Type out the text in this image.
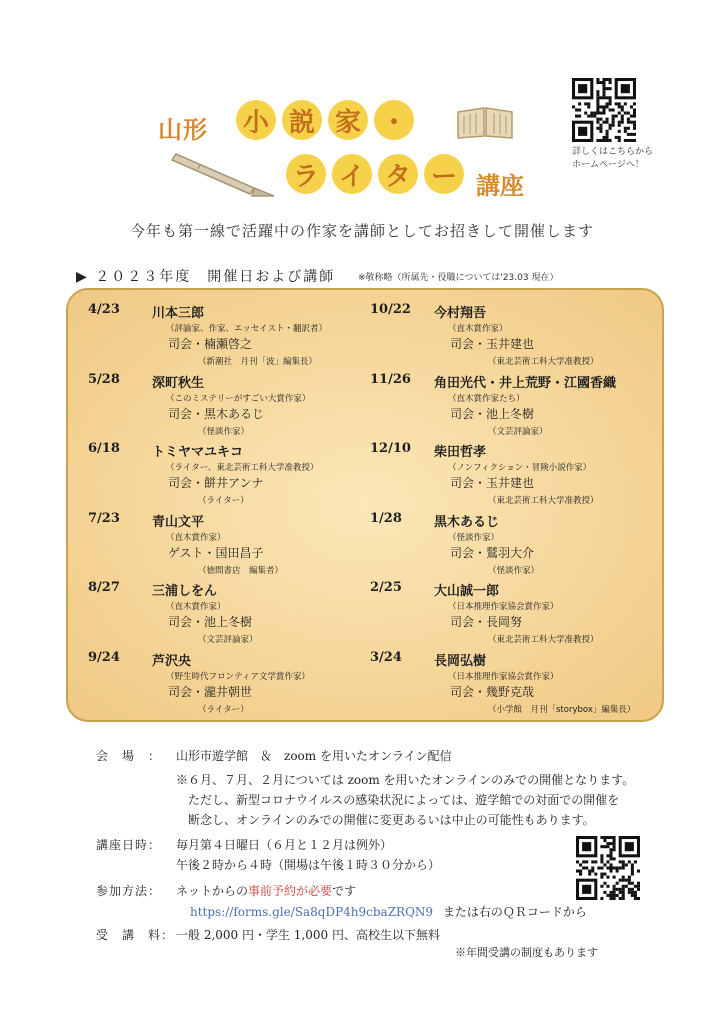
山形 小 説 家 ・
ラ イ タ ー 講座
詳しくはこちらから
ホームページへ！
今年も第一線で活躍中の作家を講師としてお招きして開催します
▶ ２０２３年度　開催日および講師	※敬称略（所属先・役職については'23.03 現在）
4/23 川本三郎
（評論家、作家、エッセイスト・翻訳者）
司会・楠瀬啓之
（新潮社　月刊「波」編集長）
5/28 深町秋生
（このミステリーがすごい大賞作家）
司会・黒木あるじ
（怪談作家）
6/18 トミヤマユキコ
（ライター、東北芸術工科大学准教授）
司会・餅井アンナ
（ライター）
7/23 青山文平
（直木賞作家）
ゲスト・国田昌子
（徳間書店　編集者）
8/27 三浦しをん
（直木賞作家）
司会・池上冬樹
（文芸評論家）
9/24 芦沢央
（野生時代フロンティア文学賞作家）
司会・瀧井朝世
（ライター）
10/22 今村翔吾
（直木賞作家）
司会・玉井建也
（東北芸術工科大学准教授）
11/26 角田光代・井上荒野・江國香織
（直木賞作家たち）
司会・池上冬樹
（文芸評論家）
12/10 柴田哲孝
（ノンフィクション・冒険小説作家）
司会・玉井建也
（東北芸術工科大学准教授）
1/28 黒木あるじ
（怪談作家）
司会・鷲羽大介
（怪談作家）
2/25 大山誠一郎
（日本推理作家協会賞作家）
司会・長岡努
（東北芸術工科大学准教授）
3/24 長岡弘樹
（日本推理作家協会賞作家）
司会・幾野克哉
（小学館　月刊「storybox」編集長）
会　場　： 山形市遊学館　＆　zoom を用いたオンライン配信
※６月、７月、２月については zoom を用いたオンラインのみでの開催となります。
ただし、新型コロナウイルスの感染状況によっては、遊学館での対面での開催を
断念し、オンラインのみでの開催に変更あるいは中止の可能性もあります。
講座日時： 毎月第４日曜日（６月と１２月は例外）
午後２時から４時（開場は午後１時３０分から）
参加方法： ネットからの事前予約が必要です
https://forms.gle/Sa8qDP4h9cbaZRQN9 または右のＱＲコードから
受　講　料： 一般 2,000 円・学生 1,000 円、高校生以下無料
※年間受講の制度もあります
